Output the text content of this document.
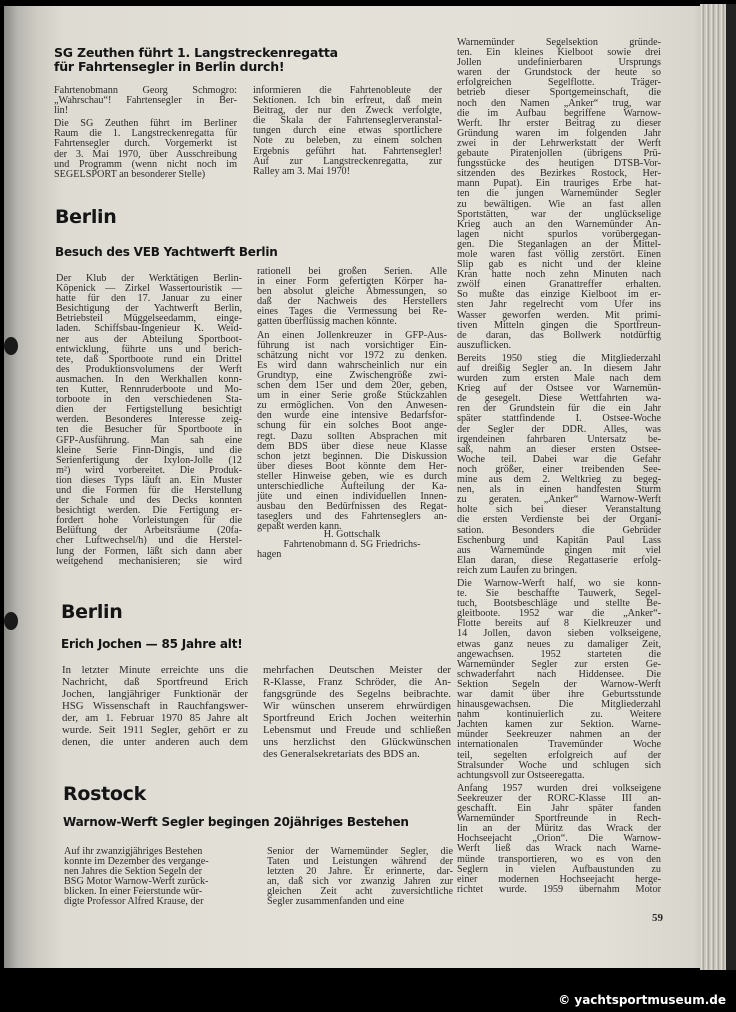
SG Zeuthen führt 1. Langstreckenregatta
für Fahrtensegler in Berlin durch!
Fahrtenobmann Georg Schmogro:
„Wahrschau“! Fahrtensegler in Ber-
lin!
Die SG Zeuthen führt im Berliner
Raum die 1. Langstreckenregatta für
Fahrtensegler durch. Vorgemerkt ist
der 3. Mai 1970, über Ausschreibung
und Programm (wenn nicht noch im
SEGELSPORT an besonderer Stelle)
informieren die Fahrtenobleute der
Sektionen. Ich bin erfreut, daß mein
Beitrag, der nur den Zweck verfolgte,
die Skala der Fahrtenseglerveranstal-
tungen durch eine etwas sportlichere
Note zu beleben, zu einem solchen
Ergebnis geführt hat. Fahrtensegler!
Auf zur Langstreckenregatta, zur
Ralley am 3. Mai 1970!
Berlin
Besuch des VEB Yachtwerft Berlin
Der Klub der Werktätigen Berlin-
Köpenick — Zirkel Wassertouristik —
hatte für den 17. Januar zu einer
Besichtigung der Yachtwerft Berlin,
Betriebsteil Müggelseedamm, einge-
laden. Schiffsbau-Ingenieur K. Weid-
ner aus der Abteilung Sportboot-
entwicklung, führte uns und berich-
tete, daß Sportboote rund ein Drittel
des Produktionsvolumens der Werft
ausmachen. In den Werkhallen konn-
ten Kutter, Rennruderboote und Mo-
torboote in den verschiedenen Sta-
dien der Fertigstellung besichtigt
werden. Besonderes Interesse zeig-
ten die Besucher für Sportboote in
GFP-Ausführung. Man sah eine
kleine Serie Finn-Dingis, und die
Serienfertigung der Ixylon-Jolle (12
m²) wird vorbereitet. Die Produk-
tion dieses Typs läuft an. Ein Muster
und die Formen für die Herstellung
der Schale und des Decks konnten
besichtigt werden. Die Fertigung er-
fordert hohe Vorleistungen für die
Belüftung der Arbeitsräume (20fa-
cher Luftwechsel/h) und die Herstel-
lung der Formen, läßt sich dann aber
weitgehend mechanisieren; sie wird
rationell bei großen Serien. Alle
in einer Form gefertigten Körper ha-
ben absolut gleiche Abmessungen, so
daß der Nachweis des Herstellers
eines Tages die Vermessung bei Re-
gatten überflüssig machen könnte.
An einen Jollenkreuzer in GFP-Aus-
führung ist nach vorsichtiger Ein-
schätzung nicht vor 1972 zu denken.
Es wird dann wahrscheinlich nur ein
Grundtyp, eine Zwischengröße zwi-
schen dem 15er und dem 20er, geben,
um in einer Serie große Stückzahlen
zu ermöglichen. Von den Anwesen-
den wurde eine intensive Bedarfsfor-
schung für ein solches Boot ange-
regt. Dazu sollten Absprachen mit
dem BDS über diese neue Klasse
schon jetzt beginnen. Die Diskussion
über dieses Boot könnte dem Her-
steller Hinweise geben, wie es durch
unterschiedliche Aufteilung der Ka-
jüte und einen individuellen Innen-
ausbau den Bedürfnissen des Regat-
taseglers und des Fahrtenseglers an-
gepaßt werden kann.
H. Gottschalk
Fahrtenobmann d. SG Friedrichs-
hagen
Berlin
Erich Jochen — 85 Jahre alt!
In letzter Minute erreichte uns die
Nachricht, daß Sportfreund Erich
Jochen, langjähriger Funktionär der
HSG Wissenschaft in Rauchfangswer-
der, am 1. Februar 1970 85 Jahre alt
wurde. Seit 1911 Segler, gehört er zu
denen, die unter anderen auch dem
mehrfachen Deutschen Meister der
R-Klasse, Franz Schröder, die An-
fangsgründe des Segelns beibrachte.
Wir wünschen unserem ehrwürdigen
Sportfreund Erich Jochen weiterhin
Lebensmut und Freude und schließen
uns herzlichst den Glückwünschen
des Generalsekretariats des BDS an.
Rostock
Warnow-Werft Segler begingen 20jähriges Bestehen
Auf ihr zwanzigjähriges Bestehen
konnte im Dezember des vergange-
nen Jahres die Sektion Segeln der
BSG Motor Warnow-Werft zurück-
blicken. In einer Feierstunde wür-
digte Professor Alfred Krause, der
Senior der Warnemünder Segler, die
Taten und Leistungen während der
letzten 20 Jahre. Er erinnerte, dar-
an, daß sich vor zwanzig Jahren zur
gleichen Zeit acht zuversichtliche
Segler zusammenfanden und eine
Warnemünder Segelsektion gründe-
ten. Ein kleines Kielboot sowie drei
Jollen undefinierbaren Ursprungs
waren der Grundstock der heute so
erfolgreichen Segelflotte. Träger-
betrieb dieser Sportgemeinschaft, die
noch den Namen „Anker“ trug, war
die im Aufbau begriffene Warnow-
Werft. Ihr erster Beitrag zu dieser
Gründung waren im folgenden Jahr
zwei in der Lehrwerkstatt der Werft
gebaute Piratenjollen (übrigens Prü-
fungsstücke des heutigen DTSB-Vor-
sitzenden des Bezirkes Rostock, Her-
mann Pupat). Ein trauriges Erbe hat-
ten die jungen Warnemünder Segler
zu bewältigen. Wie an fast allen
Sportstätten, war der unglückselige
Krieg auch an den Warnemünder An-
lagen nicht spurlos vorübergegan-
gen. Die Steganlagen an der Mittel-
mole waren fast völlig zerstört. Einen
Slip gab es nicht und der kleine
Kran hatte noch zehn Minuten nach
zwölf einen Granattreffer erhalten.
So mußte das einzige Kielboot im er-
sten Jahr regelrecht vom Ufer ins
Wasser geworfen werden. Mit primi-
tiven Mitteln gingen die Sportfreun-
de daran, das Bollwerk notdürftig
auszuflicken.
Bereits 1950 stieg die Mitgliederzahl
auf dreißig Segler an. In diesem Jahr
wurden zum ersten Male nach dem
Krieg auf der Ostsee vor Warnemün-
de gesegelt. Diese Wettfahrten wa-
ren der Grundstein für die ein Jahr
später stattfindende I. Ostsee-Woche
der Segler der DDR. Alles, was
irgendeinen fahrbaren Untersatz be-
saß, nahm an dieser ersten Ostsee-
Woche teil. Dabei war die Gefahr
noch größer, einer treibenden See-
mine aus dem 2. Weltkrieg zu begeg-
nen, als in einen handfesten Sturm
zu geraten. „Anker“ Warnow-Werft
holte sich bei dieser Veranstaltung
die ersten Verdienste bei der Organi-
sation. Besonders die Gebrüder
Eschenburg und Kapitän Paul Lass
aus Warnemünde gingen mit viel
Elan daran, diese Regattaserie erfolg-
reich zum Laufen zu bringen.
Die Warnow-Werft half, wo sie konn-
te. Sie beschaffte Tauwerk, Segel-
tuch, Bootsbeschläge und stellte Be-
gleitboote. 1952 war die „Anker“-
Flotte bereits auf 8 Kielkreuzer und
14 Jollen, davon sieben volkseigene,
etwas ganz neues zu damaliger Zeit,
angewachsen. 1952 starteten die
Warnemünder Segler zur ersten Ge-
schwaderfahrt nach Hiddensee. Die
Sektion Segeln der Warnow-Werft
war damit über ihre Geburtsstunde
hinausgewachsen. Die Mitgliederzahl
nahm kontinuierlich zu. Weitere
Jachten kamen zur Sektion. Warne-
münder Seekreuzer nahmen an der
internationalen Travemünder Woche
teil, segelten erfolgreich auf der
Stralsunder Woche und schlugen sich
achtungsvoll zur Ostseeregatta.
Anfang 1957 wurden drei volkseigene
Seekreuzer der RORC-Klasse III an-
geschafft. Ein Jahr später fanden
Warnemünder Sportfreunde in Rech-
lin an der Müritz das Wrack der
Hochseejacht „Orion“. Die Warnow-
Werft ließ das Wrack nach Warne-
münde transportieren, wo es von den
Seglern in vielen Aufbaustunden zu
einer modernen Hochseejacht herge-
richtet wurde. 1959 übernahm Motor
59
© yachtsportmuseum.de
